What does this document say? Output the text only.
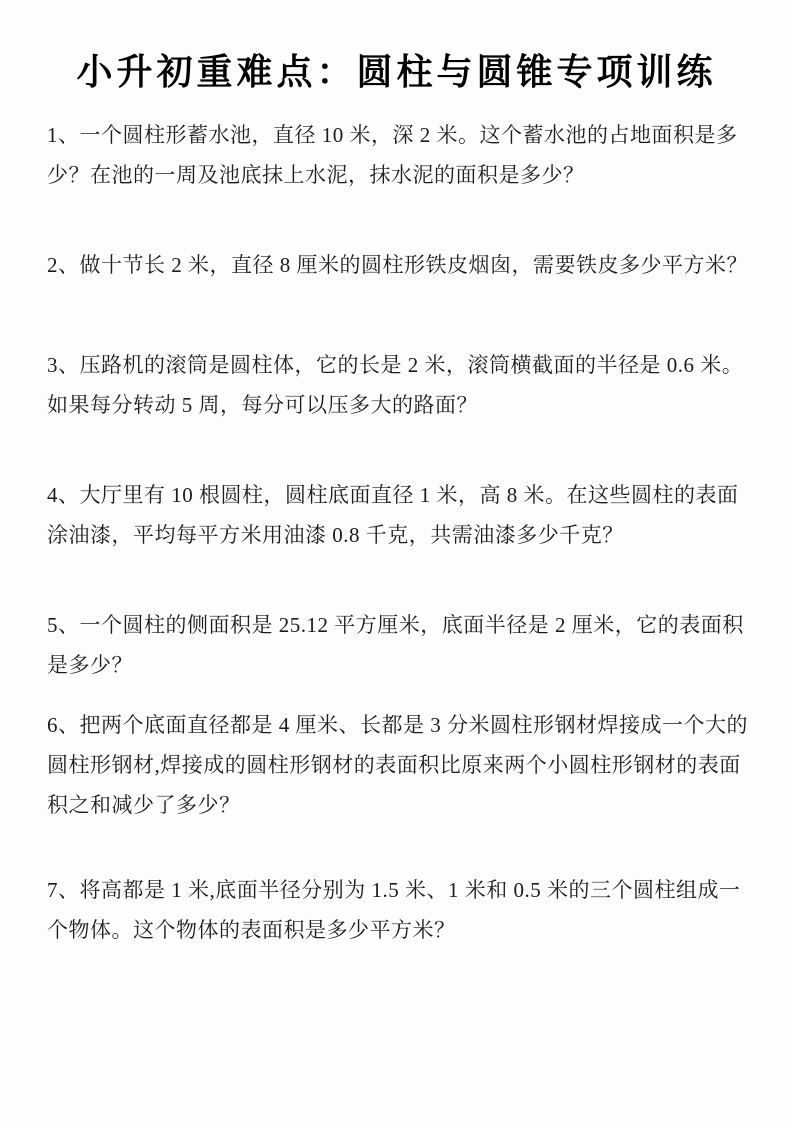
小升初重难点：圆柱与圆锥专项训练
1、一个圆柱形蓄水池，直径 10 米，深 2 米。这个蓄水池的占地面积是多
少？在池的一周及池底抹上水泥，抹水泥的面积是多少？
2、做十节长 2 米，直径 8 厘米的圆柱形铁皮烟囱，需要铁皮多少平方米？
3、压路机的滚筒是圆柱体，它的长是 2 米，滚筒横截面的半径是 0.6 米。
如果每分转动 5 周，每分可以压多大的路面？
4、大厅里有 10 根圆柱，圆柱底面直径 1 米，高 8 米。在这些圆柱的表面
涂油漆，平均每平方米用油漆 0.8 千克，共需油漆多少千克？
5、一个圆柱的侧面积是 25.12 平方厘米，底面半径是 2 厘米，它的表面积
是多少？
6、把两个底面直径都是 4 厘米、长都是 3 分米圆柱形钢材焊接成一个大的
圆柱形钢材,焊接成的圆柱形钢材的表面积比原来两个小圆柱形钢材的表面
积之和减少了多少？
7、将高都是 1 米,底面半径分别为 1.5 米、1 米和 0.5 米的三个圆柱组成一
个物体。这个物体的表面积是多少平方米？
